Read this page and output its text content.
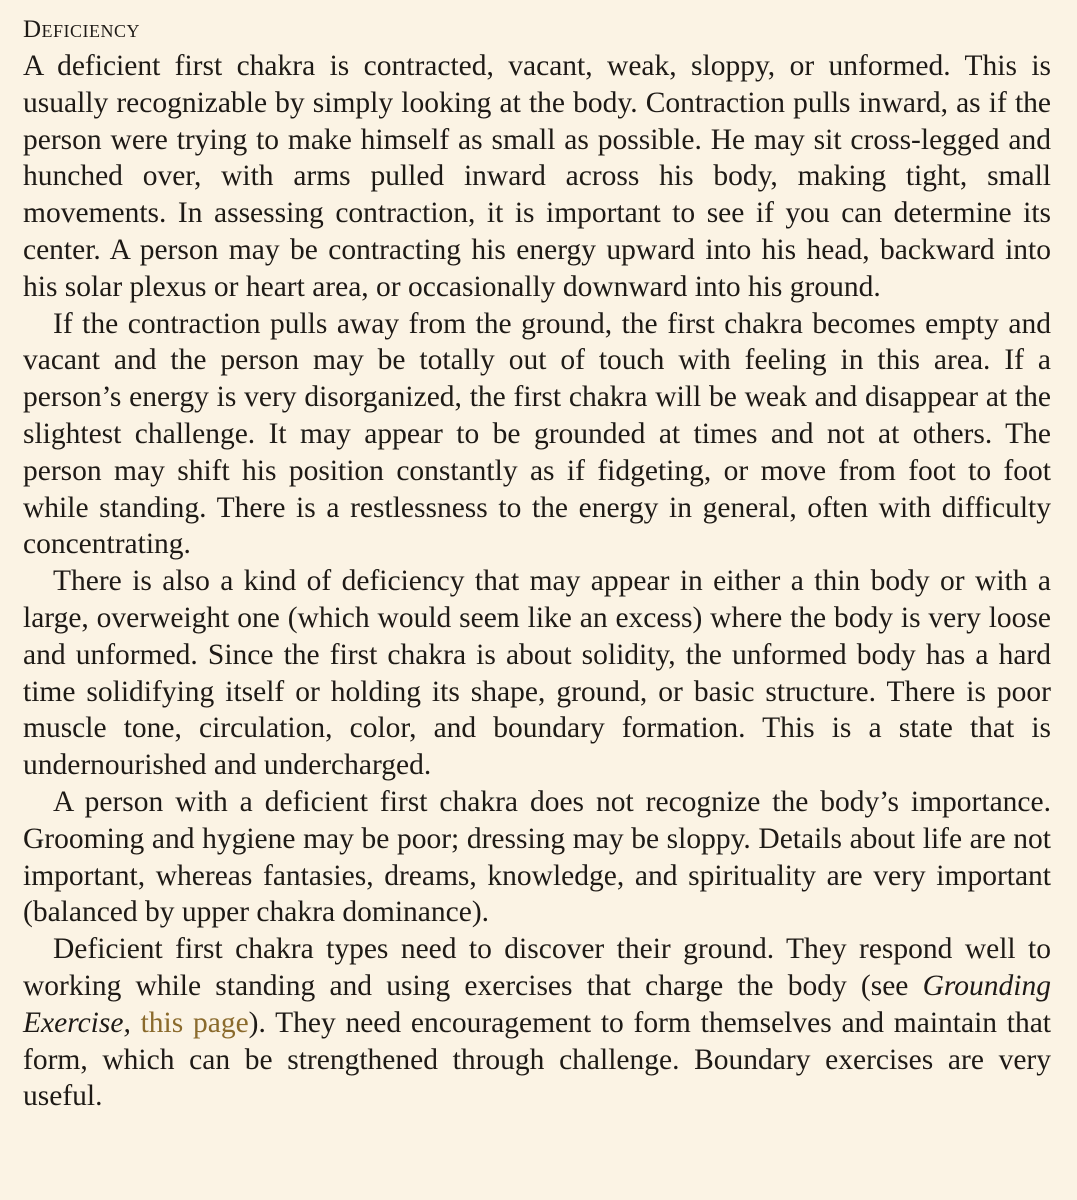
Deficiency

A deficient first chakra is contracted, vacant, weak, sloppy, or unformed. This is usually recognizable by simply looking at the body. Contraction pulls inward, as if the person were trying to make himself as small as possible. He may sit cross-legged and hunched over, with arms pulled inward across his body, making tight, small movements. In assessing contraction, it is important to see if you can determine its center. A person may be contracting his energy upward into his head, backward into his solar plexus or heart area, or occasionally downward into his ground.

If the contraction pulls away from the ground, the first chakra becomes empty and vacant and the person may be totally out of touch with feeling in this area. If a person’s energy is very disorganized, the first chakra will be weak and disappear at the slightest challenge. It may appear to be grounded at times and not at others. The person may shift his position constantly as if fidgeting, or move from foot to foot while standing. There is a restlessness to the energy in general, often with difficulty concentrating.

There is also a kind of deficiency that may appear in either a thin body or with a large, overweight one (which would seem like an excess) where the body is very loose and unformed. Since the first chakra is about solidity, the unformed body has a hard time solidifying itself or holding its shape, ground, or basic structure. There is poor muscle tone, circulation, color, and boundary formation. This is a state that is undernourished and undercharged.

A person with a deficient first chakra does not recognize the body’s importance. Grooming and hygiene may be poor; dressing may be sloppy. Details about life are not important, whereas fantasies, dreams, knowledge, and spirituality are very important (balanced by upper chakra dominance).

Deficient first chakra types need to discover their ground. They respond well to working while standing and using exercises that charge the body (see Grounding Exercise, this page). They need encouragement to form themselves and maintain that form, which can be strengthened through challenge. Boundary exercises are very useful.
